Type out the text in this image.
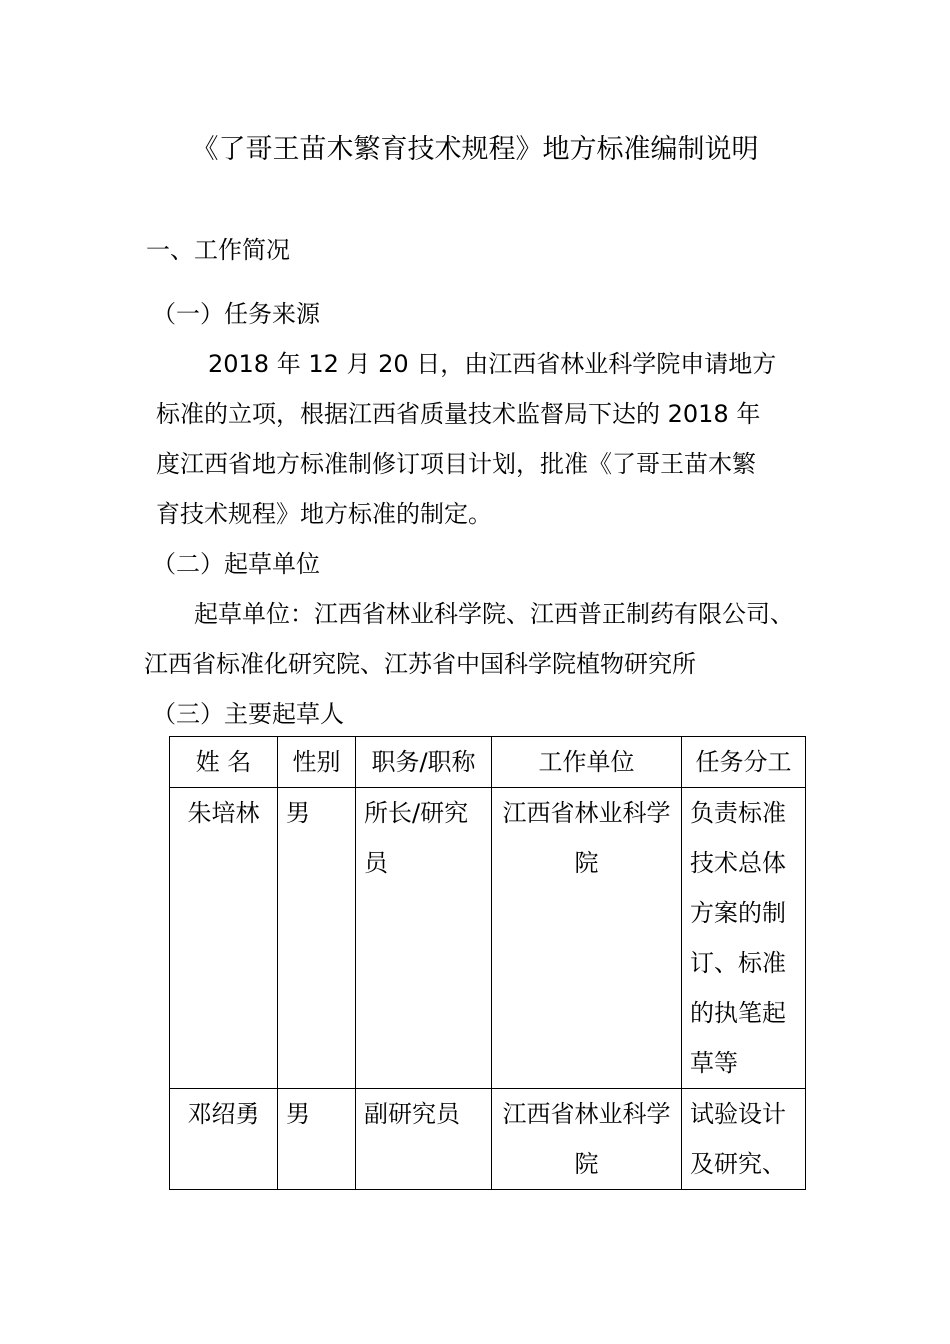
《了哥王苗木繁育技术规程》地方标准编制说明
一、工作简况
（一）任务来源
2018 年 12 月 20 日，由江西省林业科学院申请地方
标准的立项，根据江西省质量技术监督局下达的 2018 年
度江西省地方标准制修订项目计划，批准《了哥王苗木繁
育技术规程》地方标准的制定。
（二）起草单位
起草单位：江西省林业科学院、江西普正制药有限公司、
江西省标准化研究院、江苏省中国科学院植物研究所
（三）主要起草人
姓 名	性别	职务/职称	工作单位	任务分工
朱培林	男	所长/研究员	江西省林业科学院	负责标准技术总体方案的制订、标准的执笔起草等
邓绍勇	男	副研究员	江西省林业科学院	试验设计及研究、
